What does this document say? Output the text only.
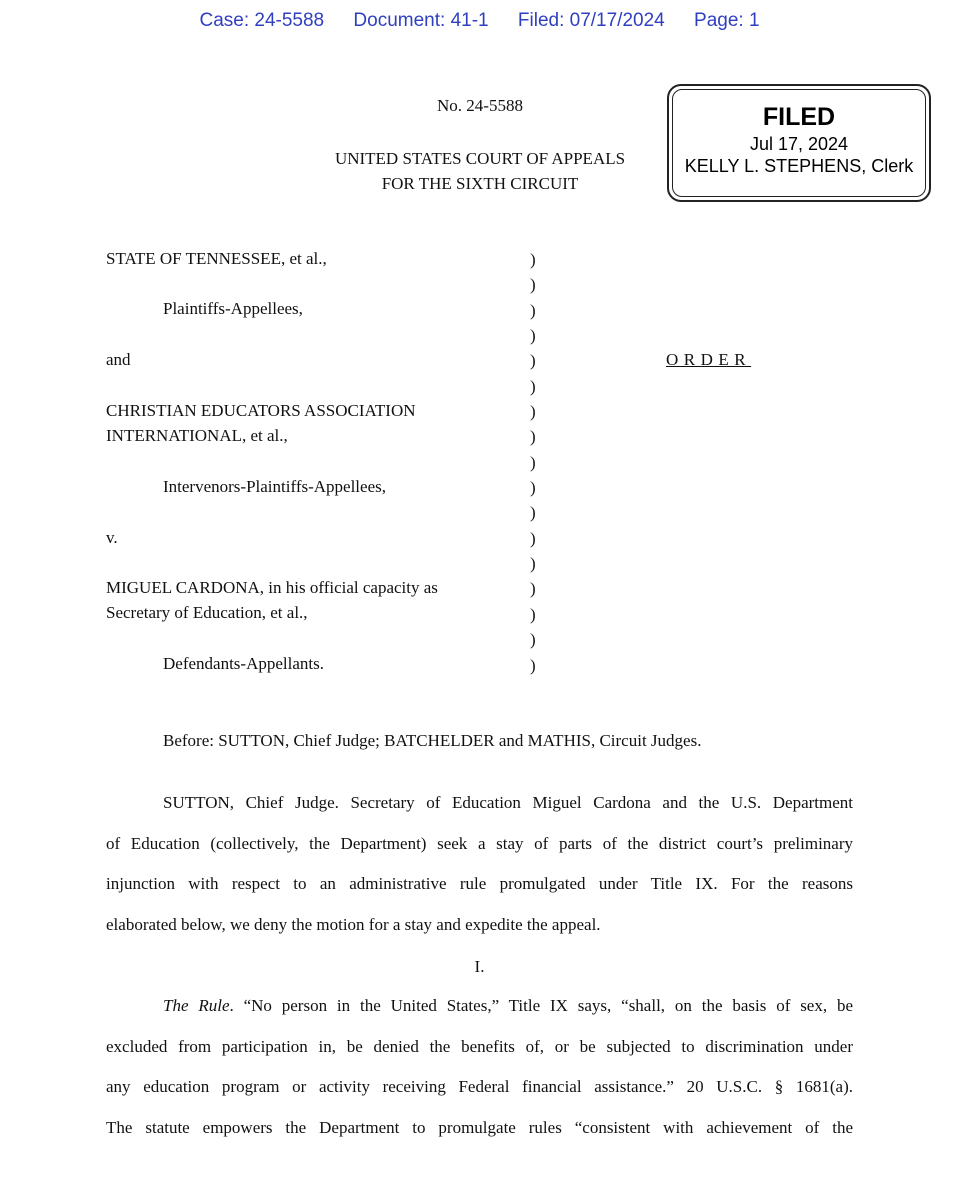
Case: 24-5588 Document: 41-1 Filed: 07/17/2024 Page: 1
No. 24-5588
UNITED STATES COURT OF APPEALS
FOR THE SIXTH CIRCUIT
FILED
Jul 17, 2024
KELLY L. STEPHENS, Clerk
STATE OF TENNESSEE, et al.,
Plaintiffs-Appellees,
and
CHRISTIAN EDUCATORS ASSOCIATION
INTERNATIONAL, et al.,
Intervenors-Plaintiffs-Appellees,
v.
MIGUEL CARDONA, in his official capacity as
Secretary of Education, et al.,
Defendants-Appellants.
)
)
)
)
)
)
)
)
)
)
)
)
)
)
)
)
)
ORDER
Before: SUTTON, Chief Judge; BATCHELDER and MATHIS, Circuit Judges.
SUTTON, Chief Judge. Secretary of Education Miguel Cardona and the U.S. Department
of Education (collectively, the Department) seek a stay of parts of the district court’s preliminary
injunction with respect to an administrative rule promulgated under Title IX. For the reasons
elaborated below, we deny the motion for a stay and expedite the appeal.
I.
The Rule. “No person in the United States,” Title IX says, “shall, on the basis of sex, be
excluded from participation in, be denied the benefits of, or be subjected to discrimination under
any education program or activity receiving Federal financial assistance.” 20 U.S.C. § 1681(a).
The statute empowers the Department to promulgate rules “consistent with achievement of the
